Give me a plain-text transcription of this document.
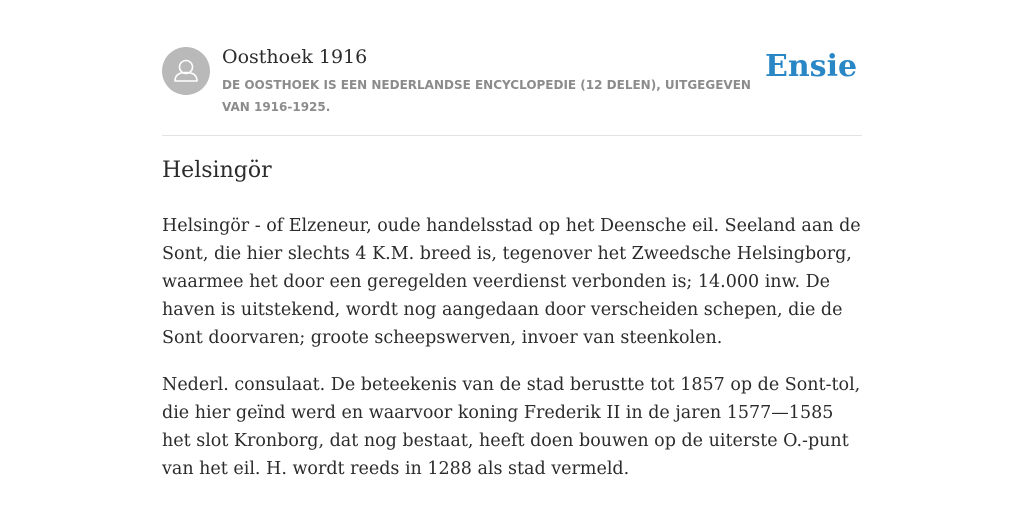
Oosthoek 1916
DE OOSTHOEK IS EEN NEDERLANDSE ENCYCLOPEDIE (12 DELEN), UITGEGEVEN VAN 1916-1925.
Ensie
Helsingör

Helsingör - of Elzeneur, oude handelsstad op het Deensche eil. Seeland aan de Sont, die hier slechts 4 K.M. breed is, tegenover het Zweedsche Helsingborg, waarmee het door een geregelden veerdienst verbonden is; 14.000 inw. De haven is uitstekend, wordt nog aangedaan door verscheiden schepen, die de Sont doorvaren; groote scheepswerven, invoer van steenkolen.

Nederl. consulaat. De beteekenis van de stad berustte tot 1857 op de Sont-tol, die hier geïnd werd en waarvoor koning Frederik II in de jaren 1577—1585 het slot Kronborg, dat nog bestaat, heeft doen bouwen op de uiterste O.-punt van het eil. H. wordt reeds in 1288 als stad vermeld.
